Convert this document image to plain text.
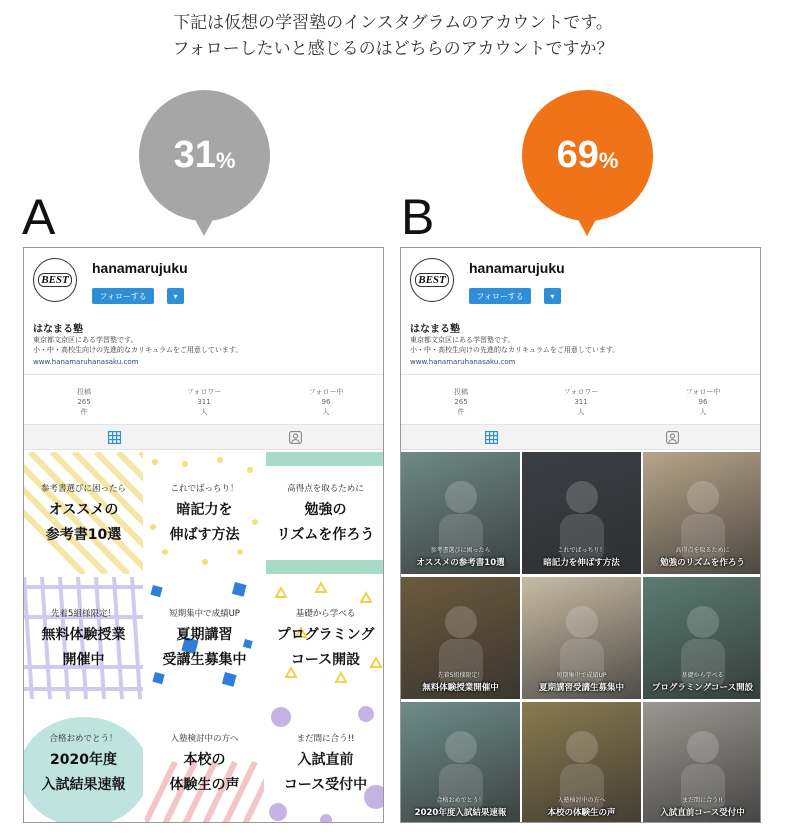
下記は仮想の学習塾のインスタグラムのアカウントです。
フォローしたいと感じるのはどちらのアカウントですか？
31 %	69 %
A	B
BEST
hanamarujuku
フォローする	▾
はなまる塾
東京都文京区にある学習塾です。
小・中・高校生向けの先進的なカリキュラムをご用意しています。
www.hanamaruhanasaku.com
投稿
265
件
フォロワー
311
人
フォロー中
96
人
参考書選びに困ったら
オススメの
参考書10選
これでばっちり！
暗記力を
伸ばす方法
高得点を取るために
勉強の
リズムを作ろう
先着5組様限定！
無料体験授業
開催中
短期集中で成績UP
夏期講習
受講生募集中
基礎から学べる
プログラミング
コース開設
合格おめでとう！
2020年度
入試結果速報
入塾検討中の方へ
本校の
体験生の声
まだ間に合う!!
入試直前
コース受付中
BEST
hanamarujuku
フォローする	▾
はなまる塾
東京都文京区にある学習塾です。
小・中・高校生向けの先進的なカリキュラムをご用意しています。
www.hanamaruhanasaku.com
投稿
265
件
フォロワー
311
人
フォロー中
96
人
参考書選びに困ったら
オススメの参考書10選
これでばっちり！
暗記力を伸ばす方法
高得点を取るために
勉強のリズムを作ろう
先着5組様限定！
無料体験授業開催中
短期集中で成績UP
夏期講習受講生募集中
基礎から学べる
プログラミングコース開設
合格おめでとう！
2020年度入試結果速報
入塾検討中の方へ
本校の体験生の声
まだ間に合う!!
入試直前コース受付中
